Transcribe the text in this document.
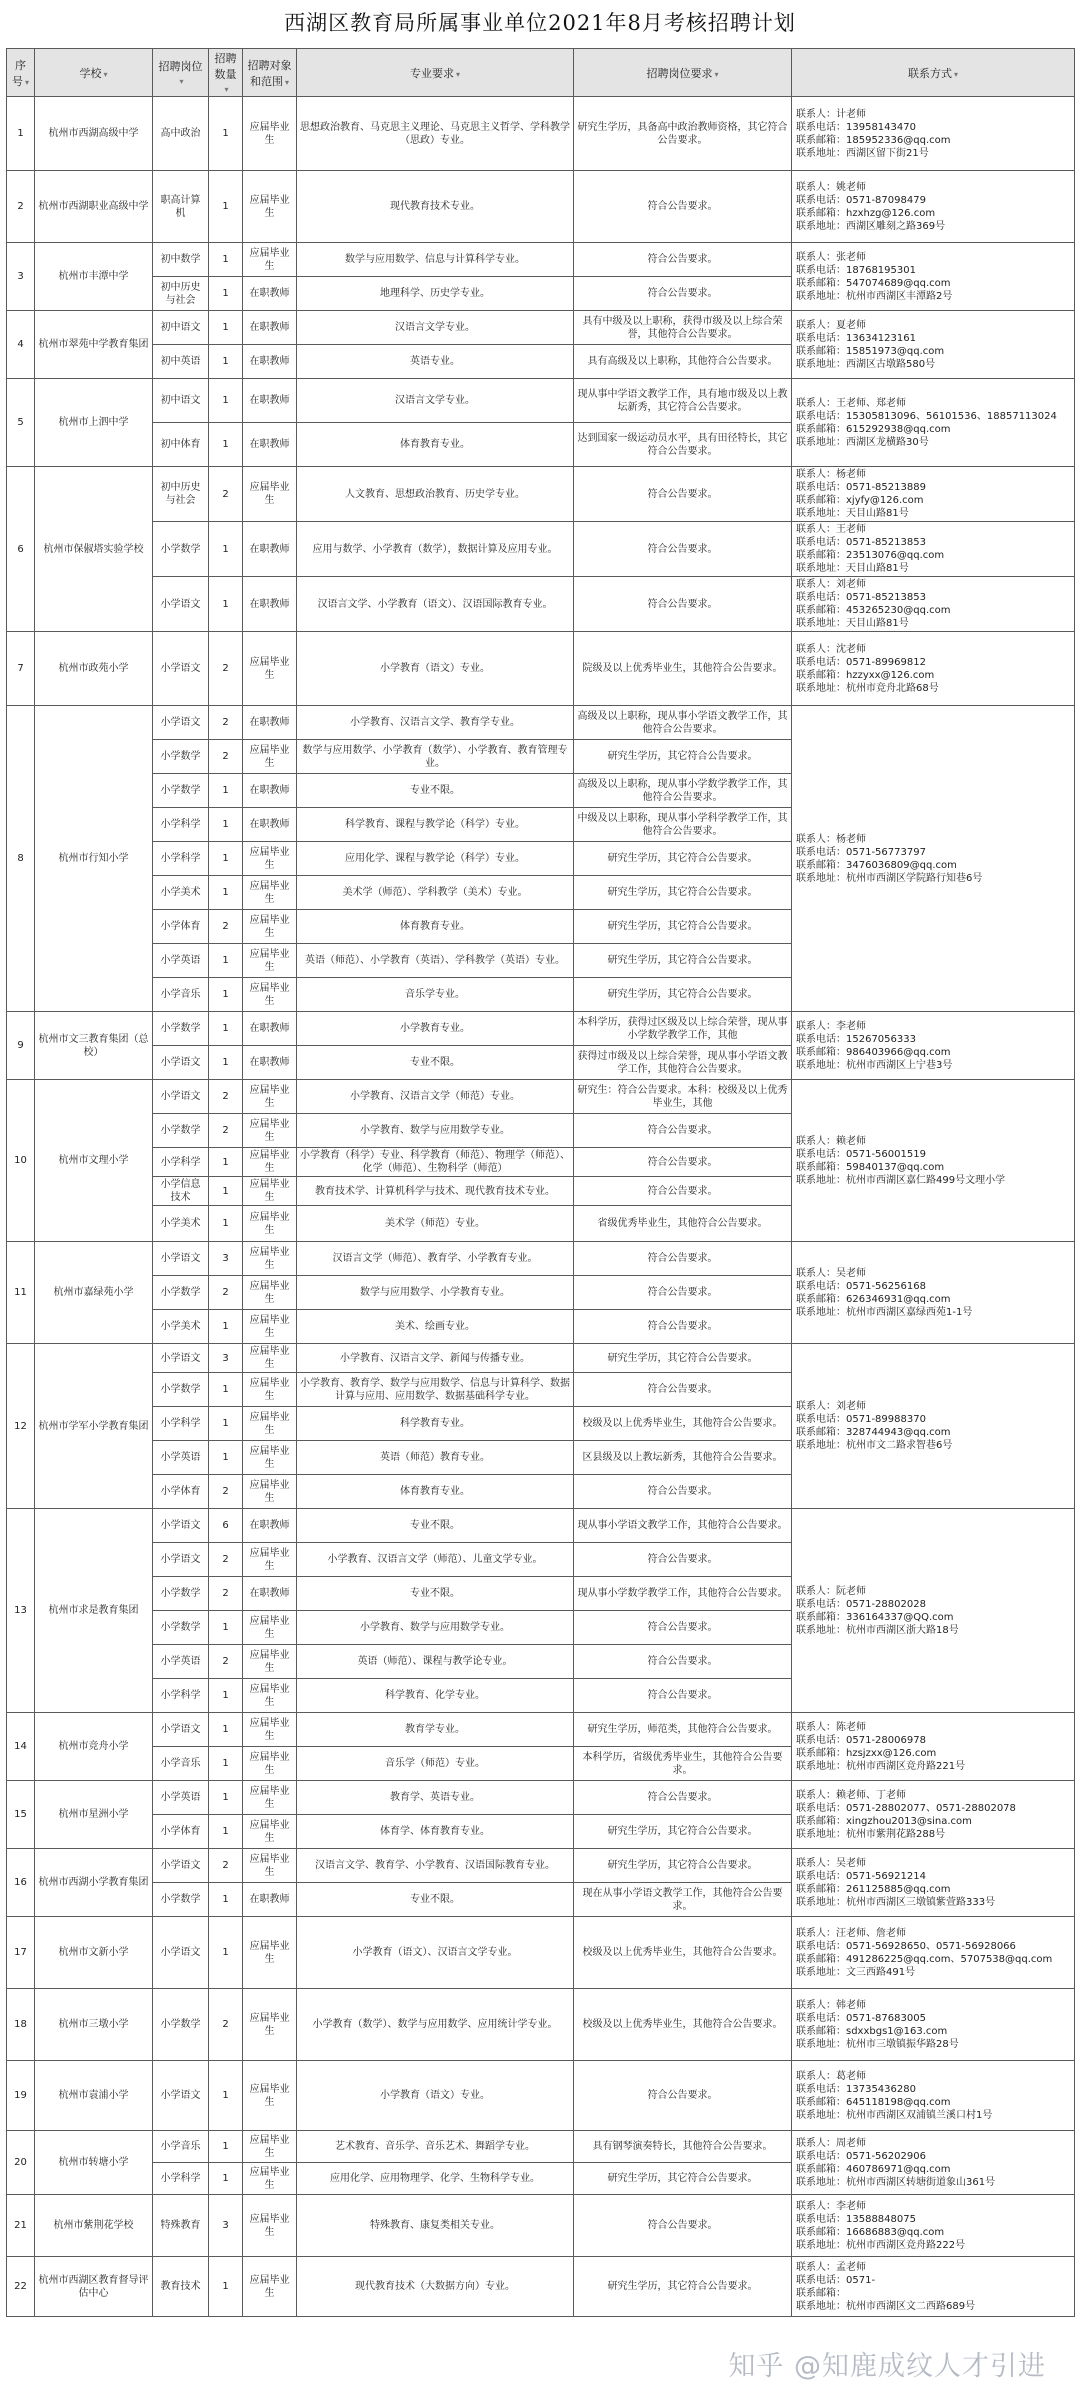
西湖区教育局所属事业单位2021年8月考核招聘计划
序号 ▾	学校 ▾	招聘岗位▾	招聘数量▾	招聘对象和范围 ▾	专业要求 ▾	招聘岗位要求 ▾	联系方式 ▾
1	杭州市西湖高级中学	高中政治	1	应届毕业生	思想政治教育、马克思主义理论、马克思主义哲学、学科教学（思政）专业。	研究生学历，具备高中政治教师资格，其它符合公告要求。	联系人：计老师
联系电话：13958143470
联系邮箱：185952336@qq.com
联系地址：西湖区留下街21号

2	杭州市西湖职业高级中学	职高计算机	1	应届毕业生	现代教育技术专业。	符合公告要求。	联系人：姚老师
联系电话：0571-87098479
联系邮箱：hzxhzg@126.com
联系地址：西湖区雕刻之路369号

3	杭州市丰潭中学	初中数学	1	应届毕业生	数学与应用数学、信息与计算科学专业。	符合公告要求。	联系人：张老师
联系电话：18768195301
联系邮箱：547074689@qq.com
联系地址：杭州市西湖区丰潭路2号

		初中历史与社会	1	在职教师	地理科学、历史学专业。	符合公告要求。	
4	杭州市翠苑中学教育集团	初中语文	1	在职教师	汉语言文学专业。	具有中级及以上职称，获得市级及以上综合荣誉，其他符合公告要求。	联系人：夏老师
联系电话：13634123161
联系邮箱：15851973@qq.com
联系地址：西湖区古墩路580号

		初中英语	1	在职教师	英语专业。	具有高级及以上职称，其他符合公告要求。	
5	杭州市上泗中学	初中语文	1	在职教师	汉语言文学专业。	现从事中学语文教学工作，具有地市级及以上教坛新秀，其它符合公告要求。	联系人：王老师、郑老师
联系电话：15305813096、56101536、18857113024
联系邮箱：615292938@qq.com
联系地址：西湖区龙横路30号

		初中体育	1	在职教师	体育教育专业。	达到国家一级运动员水平，具有田径特长，其它符合公告要求。	
6	杭州市保俶塔实验学校	初中历史与社会	2	应届毕业生	人文教育、思想政治教育、历史学专业。	符合公告要求。	联系人：杨老师
联系电话：0571-85213889
联系邮箱：xjyfy@126.com
联系地址：天目山路81号

		小学数学	1	在职教师	应用与数学、小学教育（数学），数据计算及应用专业。	符合公告要求。	联系人：王老师
联系电话：0571-85213853
联系邮箱：23513076@qq.com
联系地址：天目山路81号

		小学语文	1	在职教师	汉语言文学、小学教育（语文）、汉语国际教育专业。	符合公告要求。	联系人：刘老师
联系电话：0571-85213853
联系邮箱：453265230@qq.com
联系地址：天目山路81号

7	杭州市政苑小学	小学语文	2	应届毕业生	小学教育（语文）专业。	院级及以上优秀毕业生，其他符合公告要求。	联系人：沈老师
联系电话：0571-89969812
联系邮箱：hzzyxx@126.com
联系地址：杭州市竞舟北路68号

8	杭州市行知小学	小学语文	2	在职教师	小学教育、汉语言文学、教育学专业。	高级及以上职称，现从事小学语文教学工作，其他符合公告要求。	联系人：杨老师
联系电话：0571-56773797
联系邮箱：347603680​9@qq.com
联系地址：杭州市西湖区学院路行知巷6号

		小学数学	2	应届毕业生	数学与应用数学、小学教育（数学）、小学教育、教育管理专业。	研究生学历，其它符合公告要求。	
		小学数学	1	在职教师	专业不限。	高级及以上职称，现从事小学数学教学工作，其他符合公告要求。	
		小学科学	1	在职教师	科学教育、课程与教学论（科学）专业。	中级及以上职称，现从事小学科学教学工作，其他符合公告要求。	
		小学科学	1	应届毕业生	应用化学、课程与教学论（科学）专业。	研究生学历，其它符合公告要求。	
		小学美术	1	应届毕业生	美术学（师范）、学科教学（美术）专业。	研究生学历，其它符合公告要求。	
		小学体育	2	应届毕业生	体育教育专业。	研究生学历，其它符合公告要求。	
		小学英语	1	应届毕业生	英语（师范）、小学教育（英语）、学科教学（英语）专业。	研究生学历，其它符合公告要求。	
		小学音乐	1	应届毕业生	音乐学专业。	研究生学历，其它符合公告要求。	
9	杭州市文三教育集团（总校）	小学数学	1	在职教师	小学教育专业。	本科学历，获得过区级及以上综合荣誉，现从事小学数学教学工作，其他	联系人：李老师
联系电话：15267056333
联系邮箱：986403966@qq.com
联系地址：杭州市西湖区上宁巷3号

		小学语文	1	在职教师	专业不限。	获得过市级及以上综合荣誉，现从事小学语文教学工作，其他符合公告要求。	
10	杭州市文理小学	小学语文	2	应届毕业生	小学教育、汉语言文学（师范）专业。	研究生：符合公告要求。本科：校级及以上优秀毕业生，其他	联系人：赖老师
联系电话：0571-56001519
联系邮箱：59840137@qq.com
联系地址：杭州市西湖区嘉仁路499号文理小学

		小学数学	2	应届毕业生	小学教育、数学与应用数学专业。	符合公告要求。	
		小学科学	1	应届毕业生	小学教育（科学）专业、科学教育（师范）、物理学（师范）、化学（师范）、生物科学（师范）	符合公告要求。	
		小学信息技术	1	应届毕业生	教育技术学、计算机科学与技术、现代教育技术专业。	符合公告要求。	
		小学美术	1	应届毕业生	美术学（师范）专业。	省级优秀毕业生，其他符合公告要求。	
11	杭州市嘉绿苑小学	小学语文	3	应届毕业生	汉语言文学（师范）、教育学、小学教育专业。	符合公告要求。	联系人：吴老师
联系电话：0571-56256168
联系邮箱：626346931@qq.com
联系地址：杭州市西湖区嘉绿西苑1-1号

		小学数学	2	应届毕业生	数学与应用数学、小学教育专业。	符合公告要求。	
		小学美术	1	应届毕业生	美术、绘画专业。	符合公告要求。	
12	杭州市学军小学教育集团	小学语文	3	应届毕业生	小学教育、汉语言文学、新闻与传播专业。	研究生学历，其它符合公告要求。	联系人：刘老师
联系电话：0571-89988370
联系邮箱：328744943@qq.com
联系地址：杭州市文二路求智巷6号

		小学数学	1	应届毕业生	小学教育、教育学、数学与应用数学、信息与计算科学、数据计算与应用、应用数学、数据基础科学专业。	符合公告要求。	
		小学科学	1	应届毕业生	科学教育专业。	校级及以上优秀毕业生，其他符合公告要求。	
		小学英语	1	应届毕业生	英语（师范）教育专业。	区县级及以上教坛新秀，其他符合公告要求。	
		小学体育	2	应届毕业生	体育教育专业。	符合公告要求。	
13	杭州市求是教育集团	小学语文	6	在职教师	专业不限。	现从事小学语文教学工作，其他符合公告要求。	联系人：阮老师
联系电话：0571-28802028
联系邮箱：336164337@QQ.com
联系地址：杭州市西湖区浙大路18号

		小学语文	2	应届毕业生	小学教育、汉语言文学（师范）、儿童文学专业。	符合公告要求。	
		小学数学	2	在职教师	专业不限。	现从事小学数学教学工作，其他符合公告要求。	
		小学数学	1	应届毕业生	小学教育、数学与应用数学专业。	符合公告要求。	
		小学英语	2	应届毕业生	英语（师范）、课程与教学论专业。	符合公告要求。	
		小学科学	1	应届毕业生	科学教育、化学专业。	符合公告要求。	
14	杭州市竞舟小学	小学语文	1	应届毕业生	教育学专业。	研究生学历，师范类，其他符合公告要求。	联系人：陈老师
联系电话：0571-28006978
联系邮箱：hzsjzxx@126.com
联系地址：杭州市西湖区竞舟路221号

		小学音乐	1	应届毕业生	音乐学（师范）专业。	本科学历，省级优秀毕业生，其他符合公告要求。	
15	杭州市星洲小学	小学英语	1	应届毕业生	教育学、英语专业。	符合公告要求。	联系人：赖老师、丁老师
联系电话：0571-28802077、0571-28802078
联系邮箱：xingzhou2013@sina.com
联系地址：杭州市紫荆花路288号

		小学体育	1	应届毕业生	体育学、体育教育专业。	研究生学历，其它符合公告要求。	
16	杭州市西湖小学教育集团	小学语文	2	应届毕业生	汉语言文学、教育学、小学教育、汉语国际教育专业。	研究生学历，其它符合公告要求。	联系人：吴老师
联系电话：0571-56921214
联系邮箱：261125885@qq.com
联系地址：杭州市西湖区三墩镇紫萱路333号

		小学数学	1	在职教师	专业不限。	现在从事小学语文教学工作，其他符合公告要求。	
17	杭州市文新小学	小学语文	1	应届毕业生	小学教育（语文）、汉语言文学专业。	校级及以上优秀毕业生，其他符合公告要求。	联系人：汪老师、詹老师
联系电话：0571-56928650、0571-56928066
联系邮箱：491286225@qq.com、570753​8@qq.com
联系地址：文三西路491号

18	杭州市三墩小学	小学数学	2	应届毕业生	小学教育（数学）、数学与应用数学、应用统计学专业。	校级及以上优秀毕业生，其他符合公告要求。	联系人：韩老师
联系电话：0571-87683005
联系邮箱：sdxxbgs1@163.com
联系地址：杭州市三墩镇振华路28号

19	杭州市袁浦小学	小学语文	1	应届毕业生	小学教育（语文）专业。	符合公告要求。	联系人：葛老师
联系电话：13735436280
联系邮箱：645118198@qq.com
联系地址：杭州市西湖区双浦镇兰溪口村1号

20	杭州市转塘小学	小学音乐	1	应届毕业生	艺术教育、音乐学、音乐艺术、舞蹈学专业。	具有钢琴演奏特长，其他符合公告要求。	联系人：周老师
联系电话：0571-56202906
联系邮箱：460786971@qq.com
联系地址：杭州市西湖区转塘街道象山361号

		小学科学	1	应届毕业生	应用化学、应用物理学、化学、生物科学专业。	研究生学历，其它符合公告要求。	
21	杭州市紫荆花学校	特殊教育	3	应届毕业生	特殊教育、康复类相关专业。	符合公告要求。	联系人：李老师
联系电话：13588848075
联系邮箱：16686883@qq.com
联系地址：杭州市西湖区竞舟路222号

22	杭州市西湖区教育督导评估中心	教育技术	1	应届毕业生	现代教育技术（大数据方向）专业。	研究生学历，其它符合公告要求。	联系人：孟老师
联系电话：0571-
联系邮箱：
联系地址：杭州市西湖区文二西路689号
知乎 @知鹿成纹人才引进
